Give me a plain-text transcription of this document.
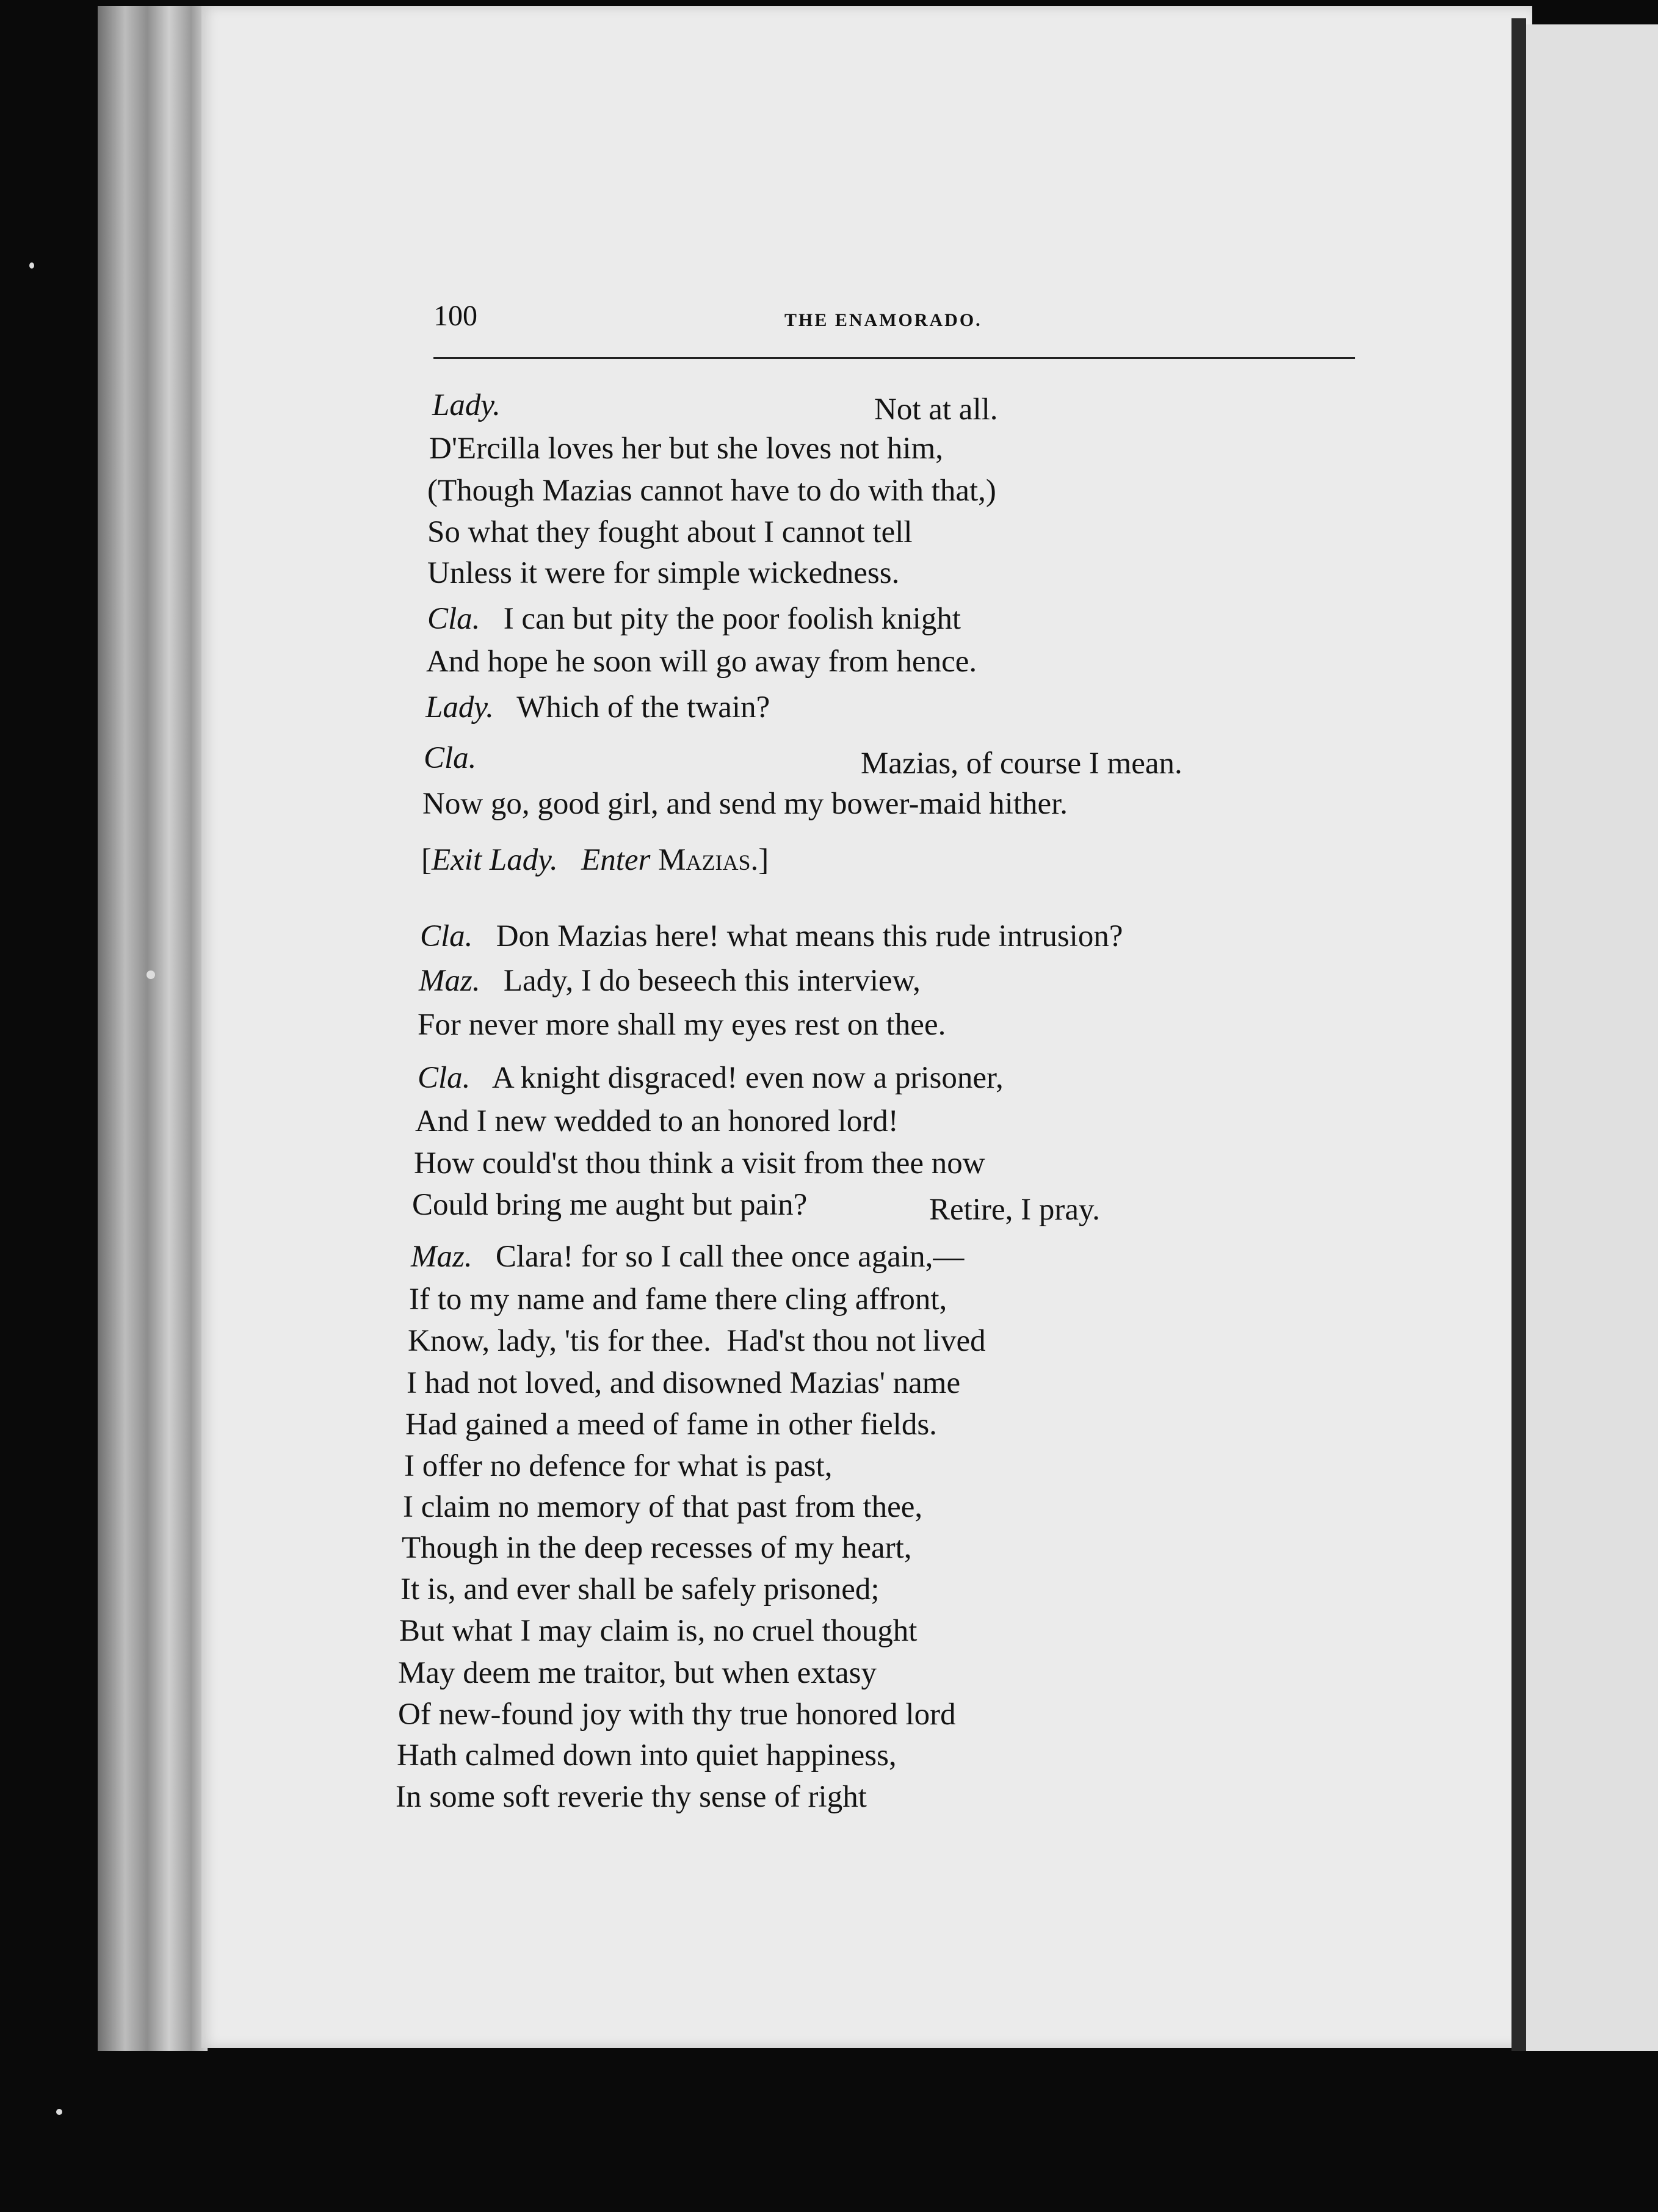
100	THE ENAMORADO.
Lady.	Not at all.
D'Ercilla loves her but she loves not him,
(Though Mazias cannot have to do with that,)
So what they fought about I cannot tell
Unless it were for simple wickedness.
Cla. I can but pity the poor foolish knight
And hope he soon will go away from hence.
Lady. Which of the twain?
Cla.	Mazias, of course I mean.
Now go, good girl, and send my bower-maid hither.
[Exit Lady. Enter Mazias.]
Cla. Don Mazias here! what means this rude intrusion?
Maz. Lady, I do beseech this interview,
For never more shall my eyes rest on thee.
Cla. A knight disgraced! even now a prisoner,
And I new wedded to an honored lord!
How could'st thou think a visit from thee now
Could bring me aught but pain?	Retire, I pray.
Maz. Clara! for so I call thee once again,—
If to my name and fame there cling affront,
Know, lady, 'tis for thee.  Had'st thou not lived
I had not loved, and disowned Mazias' name
Had gained a meed of fame in other fields.
I offer no defence for what is past,
I claim no memory of that past from thee,
Though in the deep recesses of my heart,
It is, and ever shall be safely prisoned;
But what I may claim is, no cruel thought
May deem me traitor, but when extasy
Of new-found joy with thy true honored lord
Hath calmed down into quiet happiness,
In some soft reverie thy sense of right
